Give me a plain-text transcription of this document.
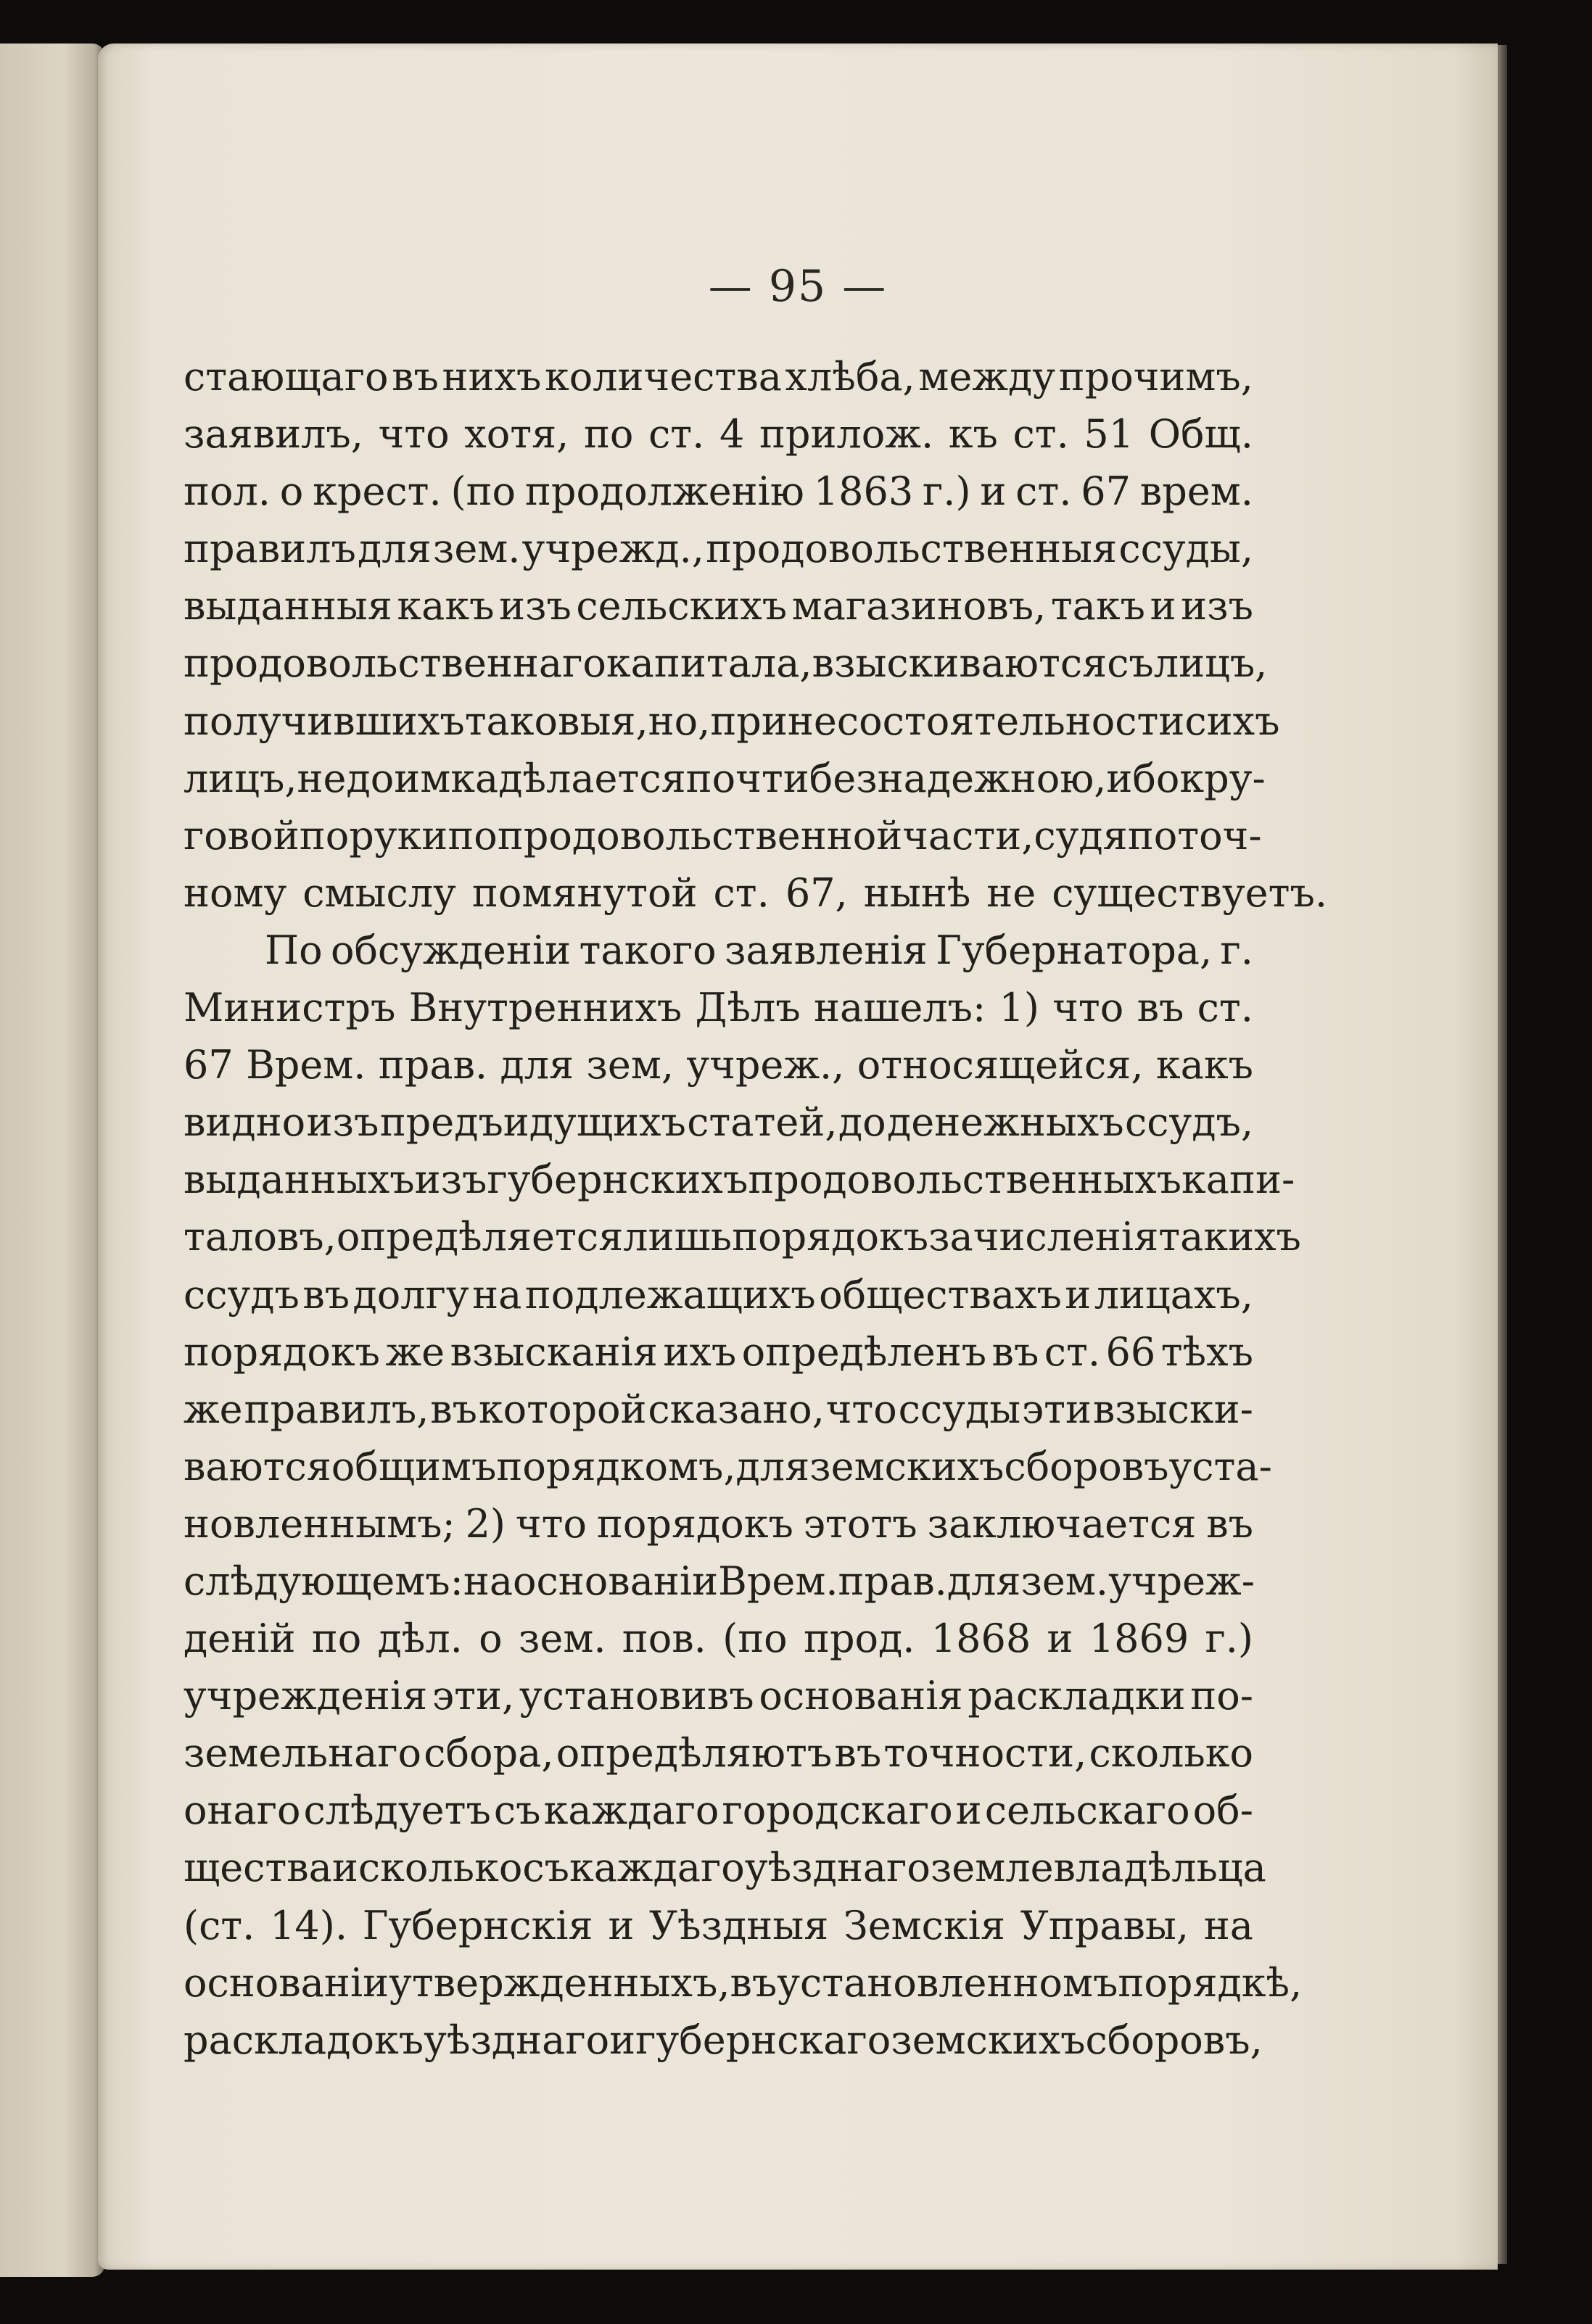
— 95 —
стающаго въ нихъ количества хлѣба, между прочимъ,
заявилъ, что хотя, по ст. 4 прилож. къ ст. 51 Общ.
пол. о крест. (по продолженію 1863 г.) и ст. 67 врем.
правилъ для зем. учрежд., продовольственныя ссуды,
выданныя какъ изъ сельскихъ магазиновъ, такъ и изъ
продовольственнаго капитала, взыскиваются съ лицъ,
получившихъ таковыя, но, при несостоятельности сихъ
лицъ, недоимка дѣлается почти безнадежною, ибо кру-
говой поруки по продовольственной части, судя по точ-
ному смыслу помянутой ст. 67, нынѣ не существуетъ.
По обсужденіи такого заявленія Губернатора, г.
Министръ Внутреннихъ Дѣлъ нашелъ: 1) что въ ст.
67 Врем. прав. для зем, учреж., относящейся, какъ
видно изъ предъидущихъ статей, до денежныхъ ссудъ,
выданныхъ изъ губернскихъ продовольственныхъ капи-
таловъ, опредѣляется лишь порядокъ зачисленія такихъ
ссудъ въ долгу на подлежащихъ обществахъ и лицахъ,
порядокъ же взысканія ихъ опредѣленъ въ ст. 66 тѣхъ
же правилъ, въ которой сказано, что ссуды эти взыски-
ваются общимъ порядкомъ, для земскихъ сборовъ уста-
новленнымъ; 2) что порядокъ этотъ заключается въ
слѣдующемъ: на основаніи Врем. прав. для зем. учреж-
деній по дѣл. о зем. пов. (по прод. 1868 и 1869 г.)
учрежденія эти, установивъ основанія раскладки по-
земельнаго сбора, опредѣляютъ въ точности, сколько
онаго слѣдуетъ съ каждаго городскаго и сельскаго об-
щества и сколько съ каждаго уѣзднаго землевладѣльца
(ст. 14). Губернскія и Уѣздныя Земскія Управы, на
основаніи утвержденныхъ, въ установленномъ порядкѣ,
раскладокъ уѣзднаго и губернскаго земскихъ сборовъ,
